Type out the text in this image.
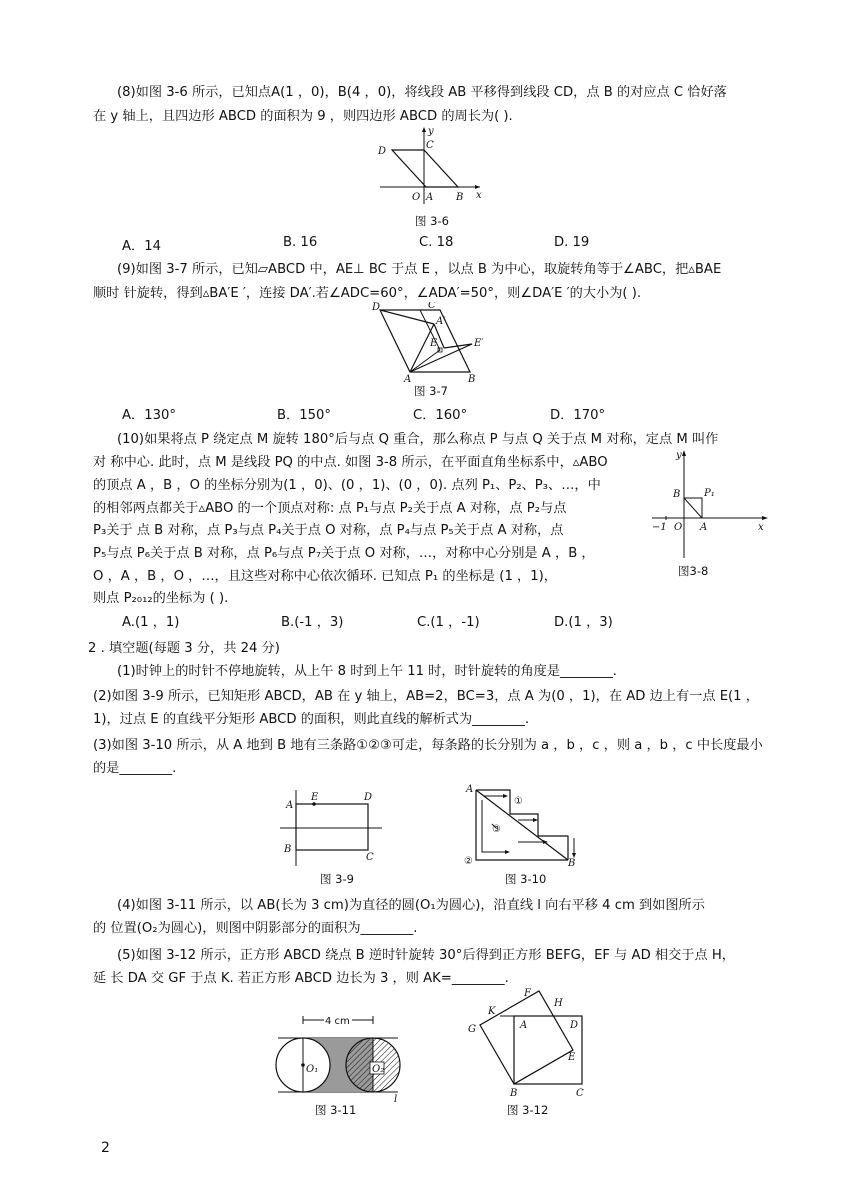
(8)如图 3-6 所示，已知点A(1 ，0)，B(4 ，0)，将线段 AB 平移得到线段 CD，点 B 的对应点 C 恰好落
在 y 轴上，且四边形 ABCD 的面积为 9 ，则四边形 ABCD 的周长为( ).
D
C
y
O A B x
图 3-6
A．14	B. 16	C. 18	D. 19
(9)如图 3-7 所示，已知▱ABCD 中，AE⊥ BC 于点 E ，以点 B 为中心，取旋转角等于∠ABC，把▵BAE
顺时 针旋转，得到▵BA′E ′，连接 DA′.若∠ADC=60°，∠ADA′=50°，则∠DA′E ′的大小为( ).
D	C
A′
E	E′
A	B
图 3-7
A．130°	B．150°	C．160°	D．170°
(10)如果将点 P 绕定点 M 旋转 180°后与点 Q 重合，那么称点 P 与点 Q 关于点 M 对称，定点 M 叫作
对 称中心. 此时，点 M 是线段 PQ 的中点. 如图 3-8 所示，在平面直角坐标系中，▵ABO
的顶点 A ，B ，O 的坐标分别为(1 ，0)、(0 ，1)、(0 ，0). 点列 P₁、P₂、P₃、…，中
的相邻两点都关于▵ABO 的一个顶点对称: 点 P₁与点 P₂关于点 A 对称，点 P₂与点
P₃关于 点 B 对称，点 P₃与点 P₄关于点 O 对称，点 P₄与点 P₅关于点 A 对称，点
P₅与点 P₆关于点 B 对称，点 P₆与点 P₇关于点 O 对称，…，对称中心分别是 A ，B ，
O ，A ，B ，O ，…，且这些对称中心依次循环. 已知点 P₁ 的坐标是 (1 ，1)，
则点 P₂₀₁₂的坐标为 ( ).
y
B P₁
−1 O A	x
图3-8
A.(1 ，1)	B.(-1 ，3)	C.(1 ，-1)	D.(1 ，3)
2 . 填空题(每题 3 分，共 24 分)
(1)时钟上的时针不停地旋转，从上午 8 时到上午 11 时，时针旋转的角度是________.
(2)如图 3-9 所示，已知矩形 ABCD，AB 在 y 轴上，AB=2，BC=3，点 A 为(0 ，1)，在 AD 边上有一点 E(1 ，
1)，过点 E 的直线平分矩形 ABCD 的面积，则此直线的解析式为________.
(3)如图 3-10 所示，从 A 地到 B 地有三条路①②③可走，每条路的长分别为 a ，b ，c ，则 a ，b ，c 中长度最小
的是________.
A
E	D
B
C
图 3-9
A
B
①
②
③
图 3-10
(4)如图 3-11 所示，以 AB(长为 3 cm)为直径的圆(O₁为圆心)，沿直线 l 向右平移 4 cm 到如图所示
的 位置(O₂为圆心)，则图中阴影部分的面积为________.
(5)如图 3-12 所示，正方形 ABCD 绕点 B 逆时针旋转 30°后得到正方形 BEFG，EF 与 AD 相交于点 H，
延 长 DA 交 GF 于点 K. 若正方形 ABCD 边长为 3 ，则 AK=________.
4 cm
O₁	O₂
l
图 3-11
F
H
K
A	D
G
E
B	C
图 3-12
2
